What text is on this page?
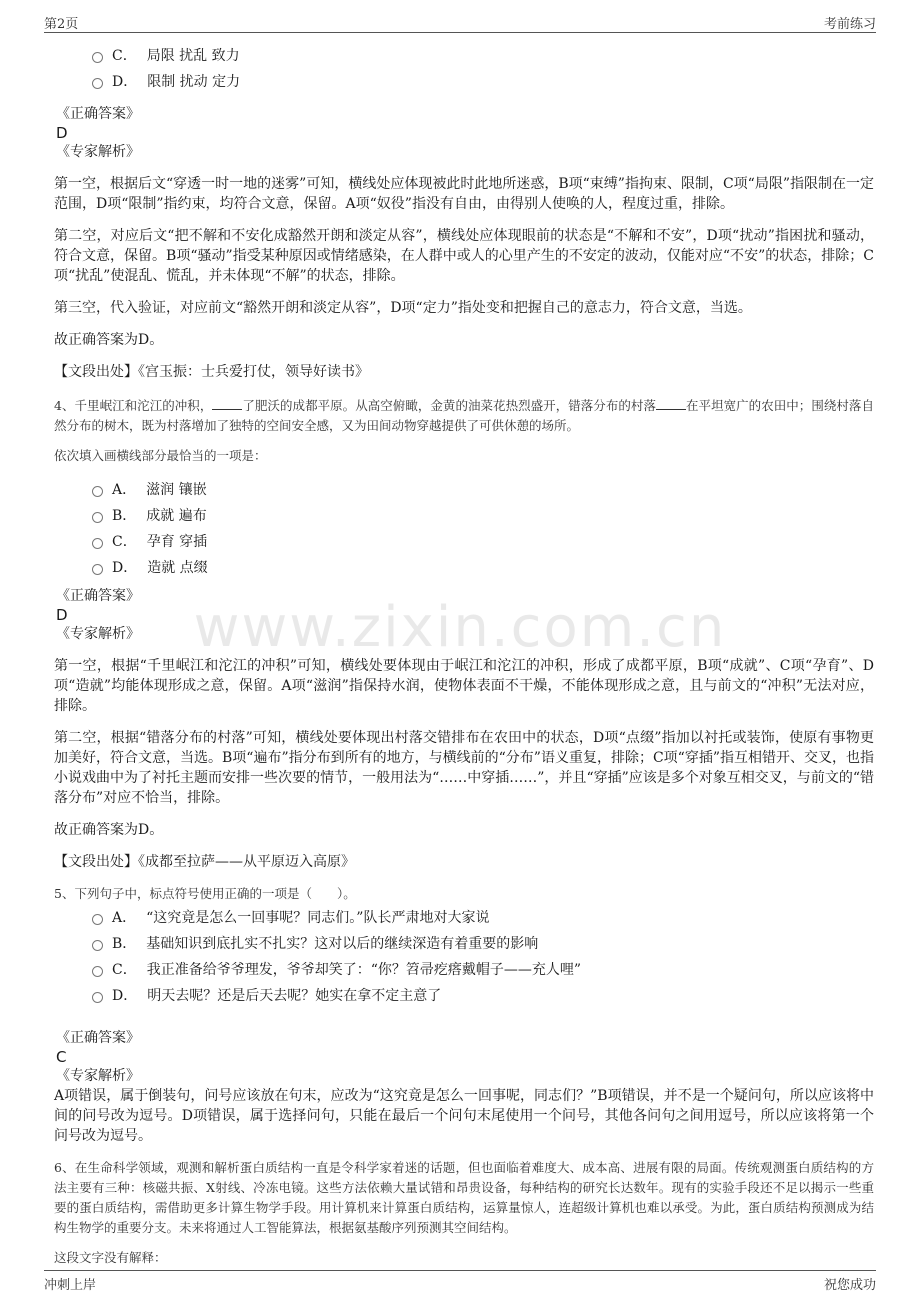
第2页	考前练习
www.zixin.com.cn
C． 局限 扰乱 致力
D． 限制 扰动 定力
《正确答案》
D
《专家解析》

第一空，根据后文“穿透一时一地的迷雾”可知，横线处应体现被此时此地所迷惑，B项“束缚”指拘束、限制，C项“局限”指限制在一定范围，D项“限制”指约束，均符合文意，保留。A项“奴役”指没有自由，由得别人使唤的人，程度过重，排除。

第二空，对应后文“把不解和不安化成豁然开朗和淡定从容”，横线处应体现眼前的状态是“不解和不安”，D项“扰动”指困扰和骚动，符合文意，保留。B项“骚动”指受某种原因或情绪感染，在人群中或人的心里产生的不安定的波动，仅能对应“不安”的状态，排除；C项“扰乱”使混乱、慌乱，并未体现“不解”的状态，排除。

第三空，代入验证，对应前文“豁然开朗和淡定从容”，D项“定力”指处变和把握自己的意志力，符合文意，当选。

故正确答案为D。

【文段出处】《宫玉振：士兵爱打仗，领导好读书》

4、千里岷江和沱江的冲积， 了肥沃的成都平原。从高空俯瞰，金黄的油菜花热烈盛开，错落分布的村落 在平坦宽广的农田中；围绕村落自然分布的树木，既为村落增加了独特的空间安全感，又为田间动物穿越提供了可供休憩的场所。

依次填入画横线部分最恰当的一项是：

A． 滋润 镶嵌
B． 成就 遍布
C． 孕育 穿插
D． 造就 点缀
《正确答案》
D
《专家解析》

第一空，根据“千里岷江和沱江的冲积”可知，横线处要体现由于岷江和沱江的冲积，形成了成都平原，B项“成就”、C项“孕育”、D项“造就”均能体现形成之意，保留。A项“滋润”指保持水润，使物体表面不干燥，不能体现形成之意，且与前文的“冲积”无法对应，排除。

第二空，根据“错落分布的村落”可知，横线处要体现出村落交错排布在农田中的状态，D项“点缀”指加以衬托或装饰，使原有事物更加美好，符合文意，当选。B项“遍布”指分布到所有的地方，与横线前的“分布”语义重复，排除；C项“穿插”指互相错开、交叉，也指小说戏曲中为了衬托主题而安排一些次要的情节，一般用法为“……中穿插……”，并且“穿插”应该是多个对象互相交叉，与前文的“错落分布”对应不恰当，排除。

故正确答案为D。

【文段出处】《成都至拉萨——从平原迈入高原》

5、下列句子中，标点符号使用正确的一项是（　　）。

A． “这究竟是怎么一回事呢？同志们。”队长严肃地对大家说
B． 基础知识到底扎实不扎实？这对以后的继续深造有着重要的影响
C． 我正准备给爷爷理发，爷爷却笑了：“你？笤帚疙瘩戴帽子——充人哩”
D． 明天去呢？还是后天去呢？她实在拿不定主意了
《正确答案》
C
《专家解析》

A项错误，属于倒装句，问号应该放在句末，应改为“这究竟是怎么一回事呢，同志们？”B项错误，并不是一个疑问句，所以应该将中间的问号改为逗号。D项错误，属于选择问句，只能在最后一个问句末尾使用一个问号，其他各问句之间用逗号，所以应该将第一个问号改为逗号。

6、在生命科学领域，观测和解析蛋白质结构一直是令科学家着迷的话题，但也面临着难度大、成本高、进展有限的局面。传统观测蛋白质结构的方法主要有三种：核磁共振、X射线、冷冻电镜。这些方法依赖大量试错和昂贵设备，每种结构的研究长达数年。现有的实验手段还不足以揭示一些重要的蛋白质结构，需借助更多计算生物学手段。用计算机来计算蛋白质结构，运算量惊人，连超级计算机也难以承受。为此，蛋白质结构预测成为结构生物学的重要分支。未来将通过人工智能算法，根据氨基酸序列预测其空间结构。

这段文字没有解释：

冲刺上岸	祝您成功
